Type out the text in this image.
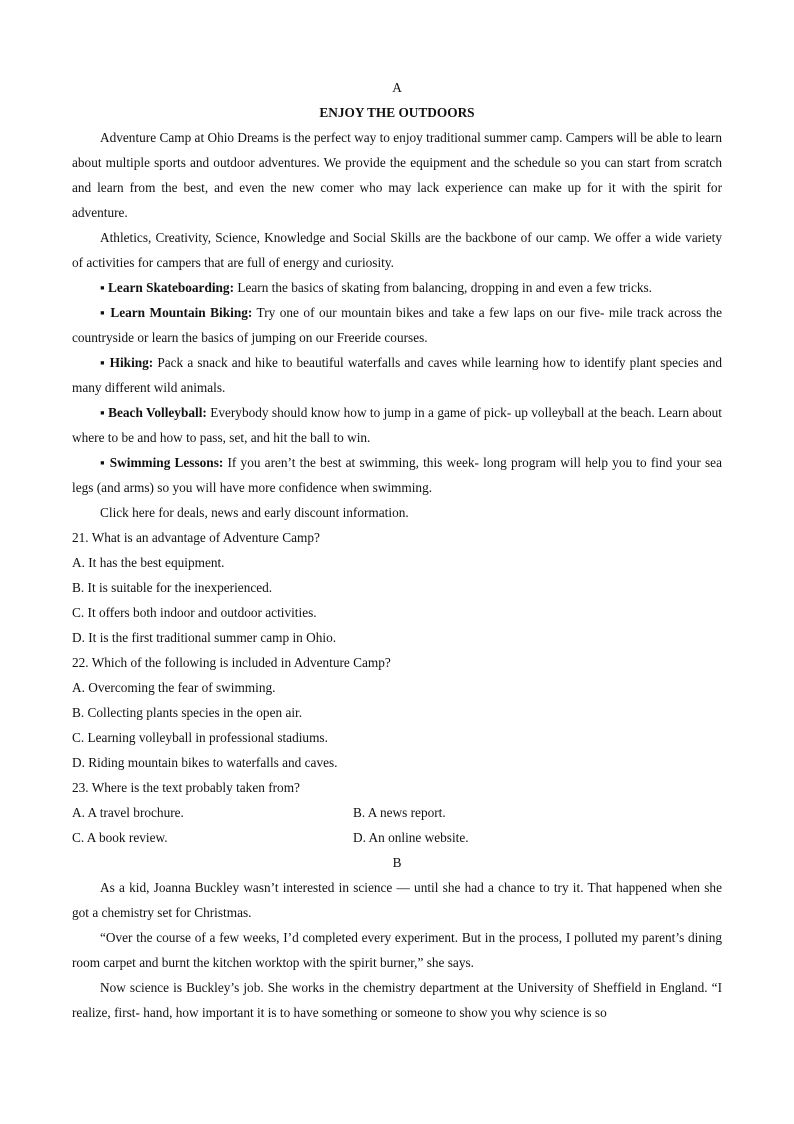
A

ENJOY THE OUTDOORS

Adventure Camp at Ohio Dreams is the perfect way to enjoy traditional summer camp. Campers will be able to learn about multiple sports and outdoor adventures. We provide the equipment and the schedule so you can start from scratch and learn from the best, and even the new comer who may lack experience can make up for it with the spirit for adventure.

Athletics, Creativity, Science, Knowledge and Social Skills are the backbone of our camp. We offer a wide variety of activities for campers that are full of energy and curiosity.

▪ Learn Skateboarding: Learn the basics of skating from balancing, dropping in and even a few tricks.

▪ Learn Mountain Biking: Try one of our mountain bikes and take a few laps on our five- mile track across the countryside or learn the basics of jumping on our Freeride courses.

▪ Hiking: Pack a snack and hike to beautiful waterfalls and caves while learning how to identify plant species and many different wild animals.

▪ Beach Volleyball: Everybody should know how to jump in a game of pick- up volleyball at the beach. Learn about where to be and how to pass, set, and hit the ball to win.

▪ Swimming Lessons: If you aren’t the best at swimming, this week- long program will help you to find your sea legs (and arms) so you will have more confidence when swimming.

Click here for deals, news and early discount information.

21. What is an advantage of Adventure Camp?

A. It has the best equipment.

B. It is suitable for the inexperienced.

C. It offers both indoor and outdoor activities.

D. It is the first traditional summer camp in Ohio.

22. Which of the following is included in Adventure Camp?

A. Overcoming the fear of swimming.

B. Collecting plants species in the open air.

C. Learning volleyball in professional stadiums.

D. Riding mountain bikes to waterfalls and caves.

23. Where is the text probably taken from?

A. A travel brochure.	B. A news report.
C. A book review.	D. An online website.

B

As a kid, Joanna Buckley wasn’t interested in science — until she had a chance to try it. That happened when she got a chemistry set for Christmas.

“Over the course of a few weeks, I’d completed every experiment. But in the process, I polluted my parent’s dining room carpet and burnt the kitchen worktop with the spirit burner,” she says.

Now science is Buckley’s job. She works in the chemistry department at the University of Sheffield in England. “I realize, first- hand, how important it is to have something or someone to show you why science is so
